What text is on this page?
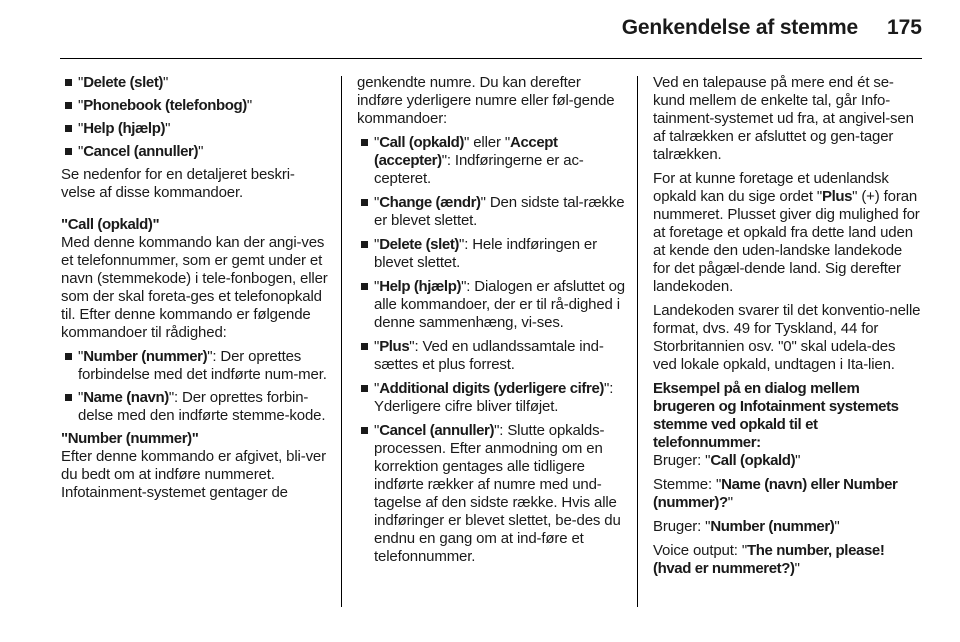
Genkendelse af stemme 175
"Delete (slet)"
"Phonebook (telefonbog)"
"Help (hjælp)"
"Cancel (annuller)"

Se nedenfor for en detaljeret beskri-velse af disse kommandoer.

"Call (opkald)"

Med denne kommando kan der angi-ves et telefonnummer, som er gemt under et navn (stemmekode) i tele-fonbogen, eller som der skal foreta-ges et telefonopkald til. Efter denne kommando er følgende kommandoer til rådighed:

"Number (nummer)": Der oprettes forbindelse med det indførte num-mer.
"Name (navn)": Der oprettes forbin-delse med den indførte stemme-kode.
"Number (nummer)"

Efter denne kommando er afgivet, bli-ver du bedt om at indføre nummeret. Infotainment-systemet gentager de

genkendte numre. Du kan derefter indføre yderligere numre eller føl-gende kommandoer:

"Call (opkald)" eller "Accept (accepter)": Indføringerne er ac-cepteret.
"Change (ændr)" Den sidste tal-række er blevet slettet.
"Delete (slet)": Hele indføringen er blevet slettet.
"Help (hjælp)": Dialogen er afsluttet og alle kommandoer, der er til rå-dighed i denne sammenhæng, vi-ses.
"Plus": Ved en udlandssamtale ind-sættes et plus forrest.
"Additional digits (yderligere cifre)": Yderligere cifre bliver tilføjet.
"Cancel (annuller)": Slutte opkalds-processen. Efter anmodning om en korrektion gentages alle tidligere indførte rækker af numre med und-tagelse af den sidste række. Hvis alle indføringer er blevet slettet, be-des du endnu en gang om at ind-føre et telefonnummer.

Ved en talepause på mere end ét se-kund mellem de enkelte tal, går Info-tainment-systemet ud fra, at angivel-sen af talrækken er afsluttet og gen-tager talrækken.

For at kunne foretage et udenlandsk opkald kan du sige ordet "Plus" (+) foran nummeret. Plusset giver dig mulighed for at foretage et opkald fra dette land uden at kende den uden-landske landekode for det pågæl-dende land. Sig derefter landekoden.

Landekoden svarer til det konventio-nelle format, dvs. 49 for Tyskland, 44 for Storbritannien osv. "0" skal udela-des ved lokale opkald, undtagen i Ita-lien.

Eksempel på en dialog mellem brugeren og Infotainment systemets stemme ved opkald til et telefonnummer:

Bruger: "Call (opkald)"

Stemme: "Name (navn) eller Number (nummer)?"

Bruger: "Number (nummer)"

Voice output: "The number, please! (hvad er nummeret?)"
